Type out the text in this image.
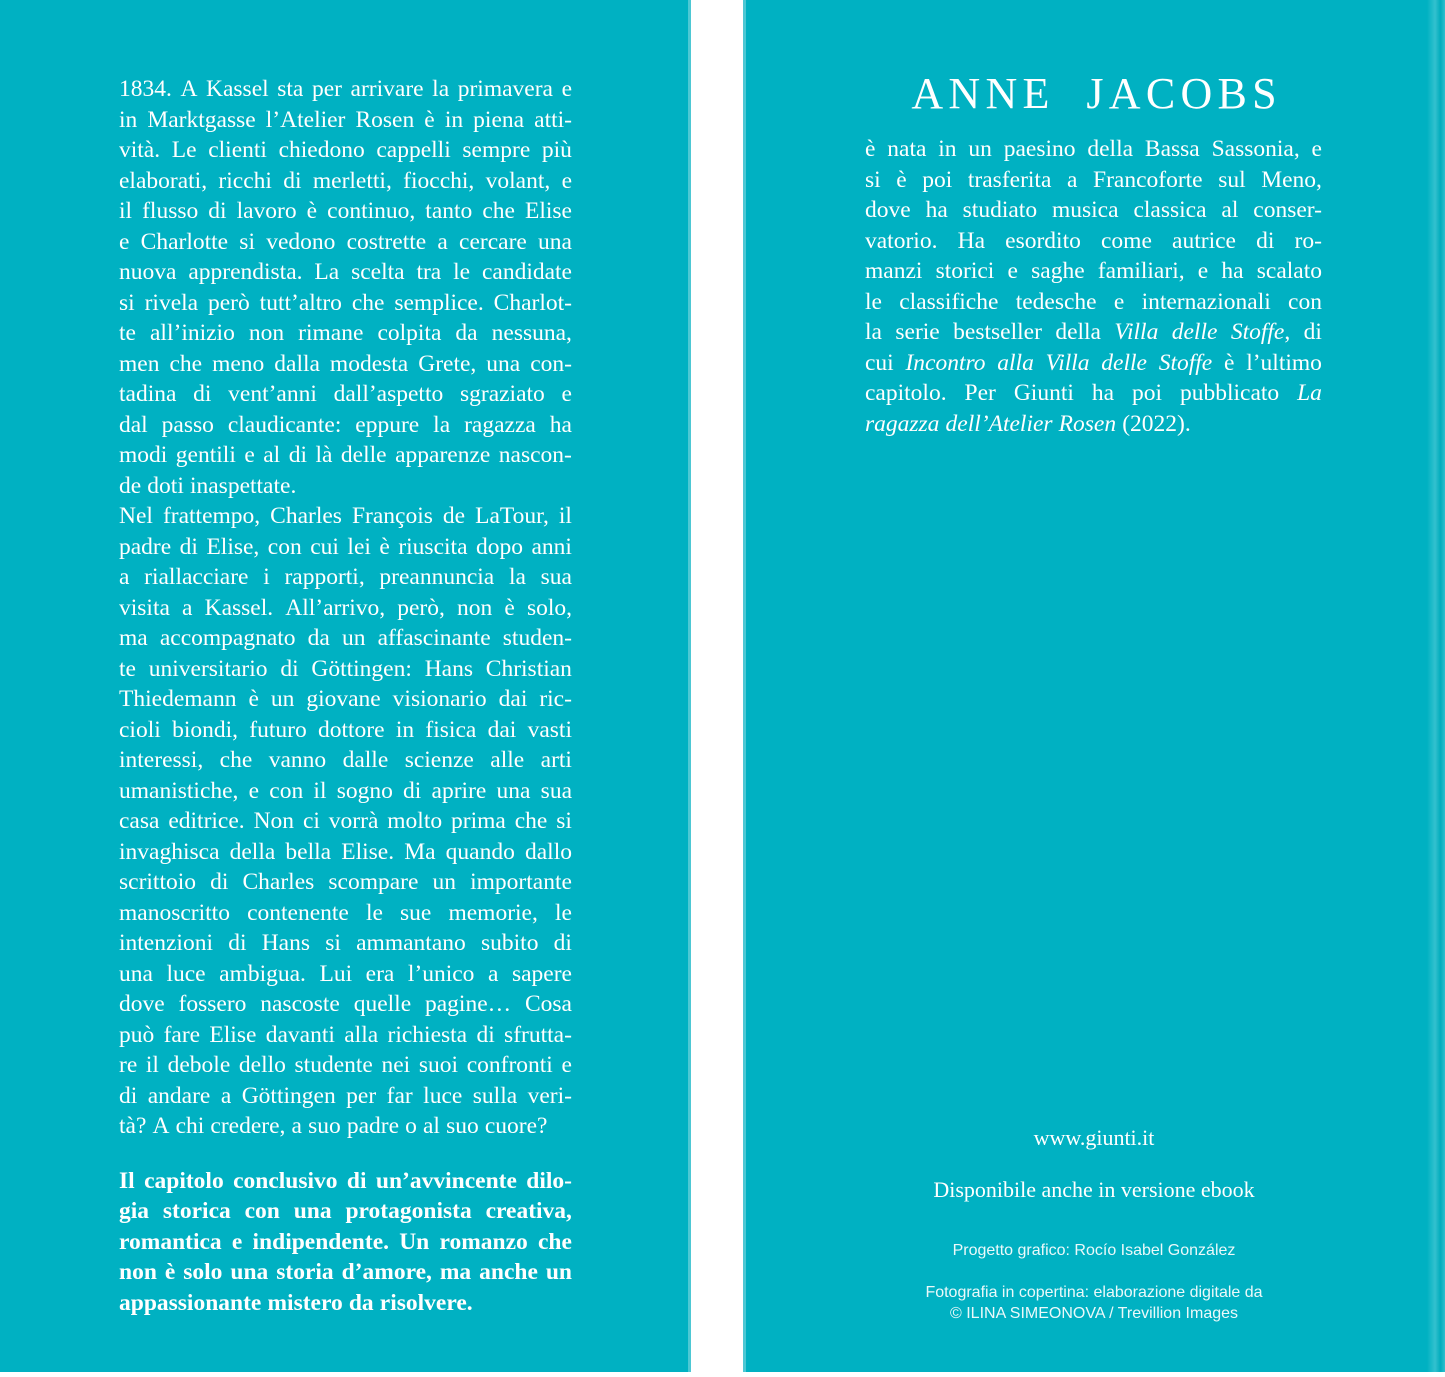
1834. A Kassel sta per arrivare la primavera e
in Marktgasse l’Atelier Rosen è in piena atti-
vità. Le clienti chiedono cappelli sempre più
elaborati, ricchi di merletti, fiocchi, volant, e
il flusso di lavoro è continuo, tanto che Elise
e Charlotte si vedono costrette a cercare una
nuova apprendista. La scelta tra le candidate
si rivela però tutt’altro che semplice. Charlot-
te all’inizio non rimane colpita da nessuna,
men che meno dalla modesta Grete, una con-
tadina di vent’anni dall’aspetto sgraziato e
dal passo claudicante: eppure la ragazza ha
modi gentili e al di là delle apparenze nascon-
de doti inaspettate.
Nel frattempo, Charles François de LaTour, il
padre di Elise, con cui lei è riuscita dopo anni
a riallacciare i rapporti, preannuncia la sua
visita a Kassel. All’arrivo, però, non è solo,
ma accompagnato da un affascinante studen-
te universitario di Göttingen: Hans Christian
Thiedemann è un giovane visionario dai ric-
cioli biondi, futuro dottore in fisica dai vasti
interessi, che vanno dalle scienze alle arti
umanistiche, e con il sogno di aprire una sua
casa editrice. Non ci vorrà molto prima che si
invaghisca della bella Elise. Ma quando dallo
scrittoio di Charles scompare un importante
manoscritto contenente le sue memorie, le
intenzioni di Hans si ammantano subito di
una luce ambigua. Lui era l’unico a sapere
dove fossero nascoste quelle pagine… Cosa
può fare Elise davanti alla richiesta di sfrutta-
re il debole dello studente nei suoi confronti e
di andare a Göttingen per far luce sulla veri-
tà? A chi credere, a suo padre o al suo cuore?
Il capitolo conclusivo di un’avvincente dilo-
gia storica con una protagonista creativa,
romantica e indipendente. Un romanzo che
non è solo una storia d’amore, ma anche un
appassionante mistero da risolvere.
ANNE JACOBS
è nata in un paesino della Bassa Sassonia, e
si è poi trasferita a Francoforte sul Meno,
dove ha studiato musica classica al conser-
vatorio. Ha esordito come autrice di ro-
manzi storici e saghe familiari, e ha scalato
le classifiche tedesche e internazionali con
la serie bestseller della Villa delle Stoffe, di
cui Incontro alla Villa delle Stoffe è l’ultimo
capitolo. Per Giunti ha poi pubblicato La
ragazza dell’Atelier Rosen (2022).
www.giunti.it
Disponibile anche in versione ebook
Progetto grafico: Rocío Isabel González
Fotografia in copertina: elaborazione digitale da
© ILINA SIMEONOVA / Trevillion Images
